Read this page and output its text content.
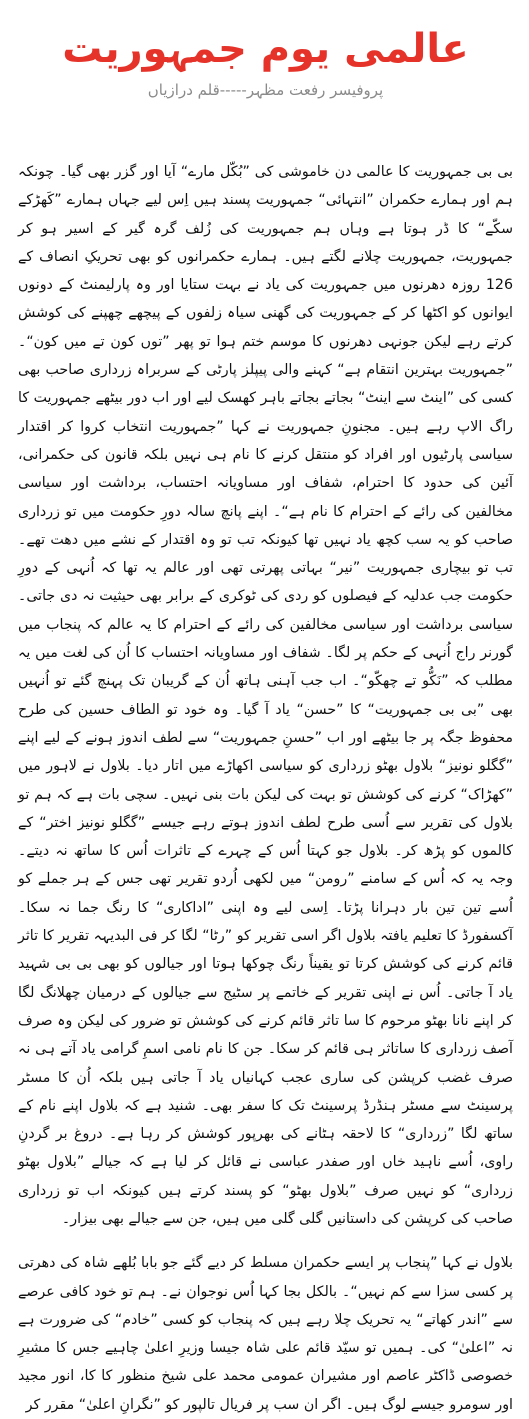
عالمی یوم جمہوریت
پروفیسر رفعت مظہر-----قلم درازیاں

بی بی جمہوریت کا عالمی دن خاموشی کی ”بُکّل مارے“ آیا اور گزر بھی گیا۔ چونکہ ہم اور ہمارے حکمران ”انتہائی“ جمہوریت پسند ہیں اِس لیے جہاں ہمارے ”کَھڑکے سکّے“ کا ڈر ہوتا ہے وہاں ہم جمہوریت کی زُلف گرہ گیر کے اسیر ہو کر جمہوریت، جمہوریت چلانے لگتے ہیں۔ ہمارے حکمرانوں کو بھی تحریکِ انصاف کے 126 روزہ دھرنوں میں جمہوریت کی یاد نے بہت ستایا اور وہ پارلیمنٹ کے دونوں ایوانوں کو اکٹھا کر کے جمہوریت کی گھنی سیاہ زلفوں کے پیچھے چھپنے کی کوشش کرتے رہے لیکن جونہی دھرنوں کا موسم ختم ہوا تو پھر ”توں کون تے میں کون“۔ ”جمہوریت بہترین انتقام ہے“ کہنے والی پیپلز پارٹی کے سربراہ زرداری صاحب بھی کسی کی ”اینٹ سے اینٹ“ بجاتے بجاتے باہر کھسک لیے اور اب دور بیٹھے جمہوریت کا راگ الاپ رہے ہیں۔ مجنونِ جمہوریت نے کہا ”جمہوریت انتخاب کروا کر اقتدار سیاسی پارٹیوں اور افراد کو منتقل کرنے کا نام ہی نہیں بلکہ قانون کی حکمرانی، آئین کی حدود کا احترام، شفاف اور مساویانہ احتساب، برداشت اور سیاسی مخالفین کی رائے کے احترام کا نام ہے“۔ اپنے پانچ سالہ دورِ حکومت میں تو زرداری صاحب کو یہ سب کچھ یاد نہیں تھا کیونکہ تب تو وہ اقتدار کے نشے میں دھت تھے۔ تب تو بیچاری جمہوریت ”نیر“ بہاتی پھرتی تھی اور عالم یہ تھا کہ اُنہی کے دورِ حکومت جب عدلیہ کے فیصلوں کو ردی کی ٹوکری کے برابر بھی حیثیت نہ دی جاتی۔ سیاسی برداشت اور سیاسی مخالفین کی رائے کے احترام کا یہ عالم کہ پنجاب میں گورنر راج اُنہی کے حکم پر لگا۔ شفاف اور مساویانہ احتساب کا اُن کی لغت میں یہ مطلب کہ ”نَکُّو تے چھکّو“۔ اب جب آہنی ہاتھ اُن کے گریبان تک پہنچ گئے تو اُنہیں بھی ”بی بی جمہوریت“ کا ”حسن“ یاد آ گیا۔ وہ خود تو الطاف حسین کی طرح محفوظ جگہ پر جا بیٹھے اور اب ”حسنِ جمہوریت“ سے لطف اندوز ہونے کے لیے اپنے ”گگلو نونیز“ بلاول بھٹو زرداری کو سیاسی اکھاڑے میں اتار دیا۔ بلاول نے لاہور میں ”کھڑاک“ کرنے کی کوشش تو بہت کی لیکن بات بنی نہیں۔ سچی بات ہے کہ ہم تو بلاول کی تقریر سے اُسی طرح لطف اندوز ہوتے رہے جیسے ”گگلو نونیز اختر“ کے کالموں کو پڑھ کر۔ بلاول جو کہتا اُس کے چہرے کے تاثرات اُس کا ساتھ نہ دیتے۔ وجہ یہ کہ اُس کے سامنے ”رومن“ میں لکھی اُردو تقریر تھی جس کے ہر جملے کو اُسے تین تین بار دہرانا پڑتا۔ اِسی لیے وہ اپنی ”اداکاری“ کا رنگ جما نہ سکا۔ آکسفورڈ کا تعلیم یافتہ بلاول اگر اسی تقریر کو ”رٹا“ لگا کر فی البدیہہ تقریر کا تاثر قائم کرنے کی کوشش کرتا تو یقیناً رنگ چوکھا ہوتا اور جیالوں کو بھی بی بی شہید یاد آ جاتی۔ اُس نے اپنی تقریر کے خاتمے پر سٹیج سے جیالوں کے درمیان چھلانگ لگا کر اپنے نانا بھٹو مرحوم کا سا تاثر قائم کرنے کی کوشش تو ضرور کی لیکن وہ صرف آصف زرداری کا ساتاثر ہی قائم کر سکا۔ جن کا نام نامی اسمِ گرامی یاد آتے ہی نہ صرف غضب کرپشن کی ساری عجب کہانیاں یاد آ جاتی ہیں بلکہ اُن کا مسٹر پرسینٹ سے مسٹر ہنڈرڈ پرسینٹ تک کا سفر بھی۔ شنید ہے کہ بلاول اپنے نام کے ساتھ لگا ”زرداری“ کا لاحقہ ہٹانے کی بھرپور کوشش کر رہا ہے۔ دروغ بر گردنِ راوی، اُسے ناہید خاں اور صفدر عباسی نے قائل کر لیا ہے کہ جیالے ”بلاول بھٹو زرداری“ کو نہیں صرف ”بلاول بھٹو“ کو پسند کرتے ہیں کیونکہ اب تو زرداری صاحب کی کرپشن کی داستانیں گلی گلی میں ہیں، جن سے جیالے بھی بیزار۔

بلاول نے کہا ”پنجاب پر ایسے حکمران مسلط کر دیے گئے جو بابا بُلھے شاہ کی دھرتی پر کسی سزا سے کم نہیں“۔ بالکل بجا کہا اُس نوجوان نے۔ ہم تو خود کافی عرصے سے ”اندر کھاتے“ یہ تحریک چلا رہے ہیں کہ پنجاب کو کسی ”خادم“ کی ضرورت ہے نہ ”اعلیٰ“ کی۔ ہمیں تو سیّد قائم علی شاہ جیسا وزیرِ اعلیٰ چاہیے جس کا مشیرِ خصوصی ڈاکٹر عاصم اور مشیران عمومی محمد علی شیخ منظور کا کا، انور مجید اور سومرو جیسے لوگ ہیں۔ اگر ان سب پر فریال تالپور کو ”نگرانِ اعلیٰ“ مقرر کر
